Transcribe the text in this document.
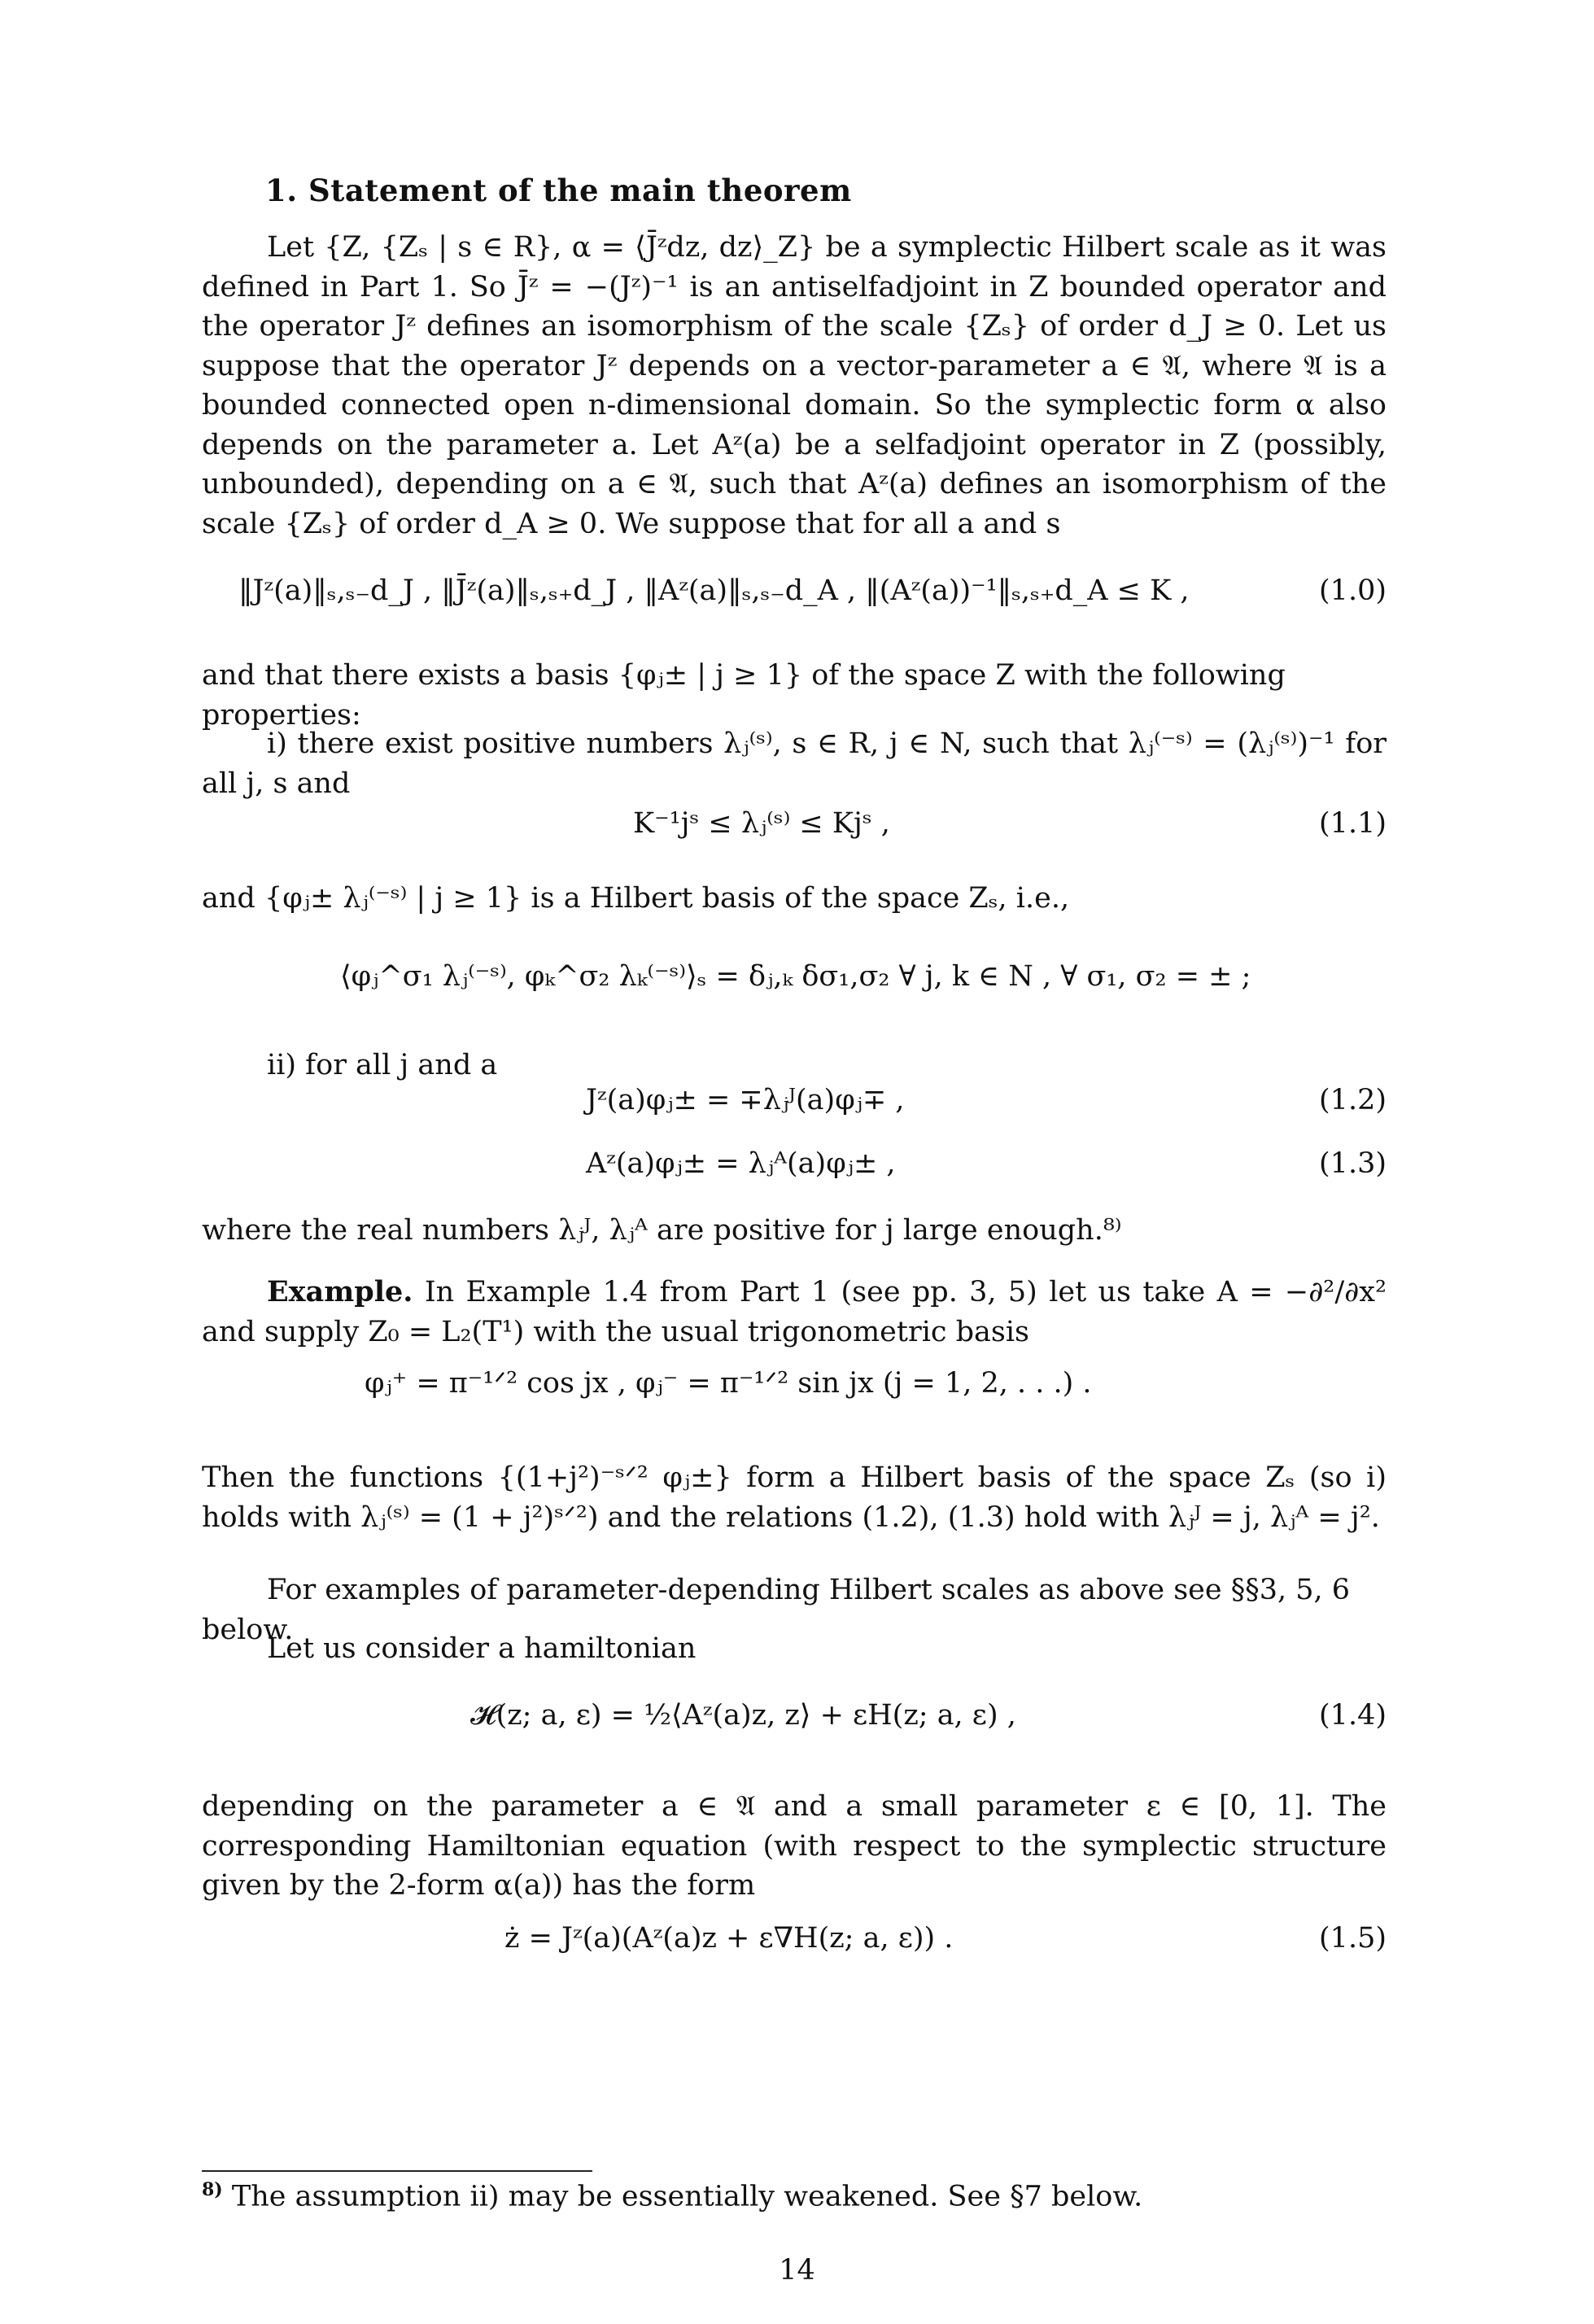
1. Statement of the main theorem
Let {Z, {Zₛ | s ∈ R}, α = ⟨J̄ᶻdz, dz⟩_Z} be a symplectic Hilbert scale as it was defined in Part 1. So J̄ᶻ = −(Jᶻ)⁻¹ is an antiselfadjoint in Z bounded operator and the operator Jᶻ defines an isomorphism of the scale {Zₛ} of order d_J ≥ 0. Let us suppose that the operator Jᶻ depends on a vector-parameter a ∈ 𝔄, where 𝔄 is a bounded connected open n-dimensional domain. So the symplectic form α also depends on the parameter a. Let Aᶻ(a) be a selfadjoint operator in Z (possibly, unbounded), depending on a ∈ 𝔄, such that Aᶻ(a) defines an isomorphism of the scale {Zₛ} of order d_A ≥ 0. We suppose that for all a and s
‖Jᶻ(a)‖ₛ,ₛ₋d_J , ‖J̄ᶻ(a)‖ₛ,ₛ₊d_J , ‖Aᶻ(a)‖ₛ,ₛ₋d_A , ‖(Aᶻ(a))⁻¹‖ₛ,ₛ₊d_A ≤ K ,	(1.0)
and that there exists a basis {φⱼ± | j ≥ 1} of the space Z with the following properties:
i) there exist positive numbers λⱼ⁽ˢ⁾, s ∈ R, j ∈ N, such that λⱼ⁽⁻ˢ⁾ = (λⱼ⁽ˢ⁾)⁻¹ for all j, s and
K⁻¹jˢ ≤ λⱼ⁽ˢ⁾ ≤ Kjˢ ,	(1.1)
and {φⱼ± λⱼ⁽⁻ˢ⁾ | j ≥ 1} is a Hilbert basis of the space Zₛ, i.e.,
⟨φⱼ^σ₁ λⱼ⁽⁻ˢ⁾, φₖ^σ₂ λₖ⁽⁻ˢ⁾⟩ₛ = δⱼ,ₖ δσ₁,σ₂ ∀ j, k ∈ N , ∀ σ₁, σ₂ = ± ;
ii) for all j and a
Jᶻ(a)φⱼ± = ∓λⱼᴶ(a)φⱼ∓ ,	(1.2)
Aᶻ(a)φⱼ± = λⱼᴬ(a)φⱼ± ,	(1.3)
where the real numbers λⱼᴶ, λⱼᴬ are positive for j large enough.⁸⁾
Example. In Example 1.4 from Part 1 (see pp. 3, 5) let us take A = −∂²/∂x² and supply Z₀ = L₂(T¹) with the usual trigonometric basis
φⱼ⁺ = π⁻¹ᐟ² cos jx , φⱼ⁻ = π⁻¹ᐟ² sin jx (j = 1, 2, . . .) .
Then the functions {(1+j²)⁻ˢᐟ² φⱼ±} form a Hilbert basis of the space Zₛ (so i) holds with λⱼ⁽ˢ⁾ = (1 + j²)ˢᐟ²) and the relations (1.2), (1.3) hold with λⱼᴶ = j, λⱼᴬ = j².
For examples of parameter-depending Hilbert scales as above see §§3, 5, 6 below.
Let us consider a hamiltonian
𝓗(z; a, ε) = ½⟨Aᶻ(a)z, z⟩ + εH(z; a, ε) ,	(1.4)
depending on the parameter a ∈ 𝔄 and a small parameter ε ∈ [0, 1]. The corresponding Hamiltonian equation (with respect to the symplectic structure given by the 2-form α(a)) has the form
ż = Jᶻ(a)(Aᶻ(a)z + ε∇H(z; a, ε)) .	(1.5)
$^{8)}$ The assumption ii) may be essentially weakened. See §7 below.
14
